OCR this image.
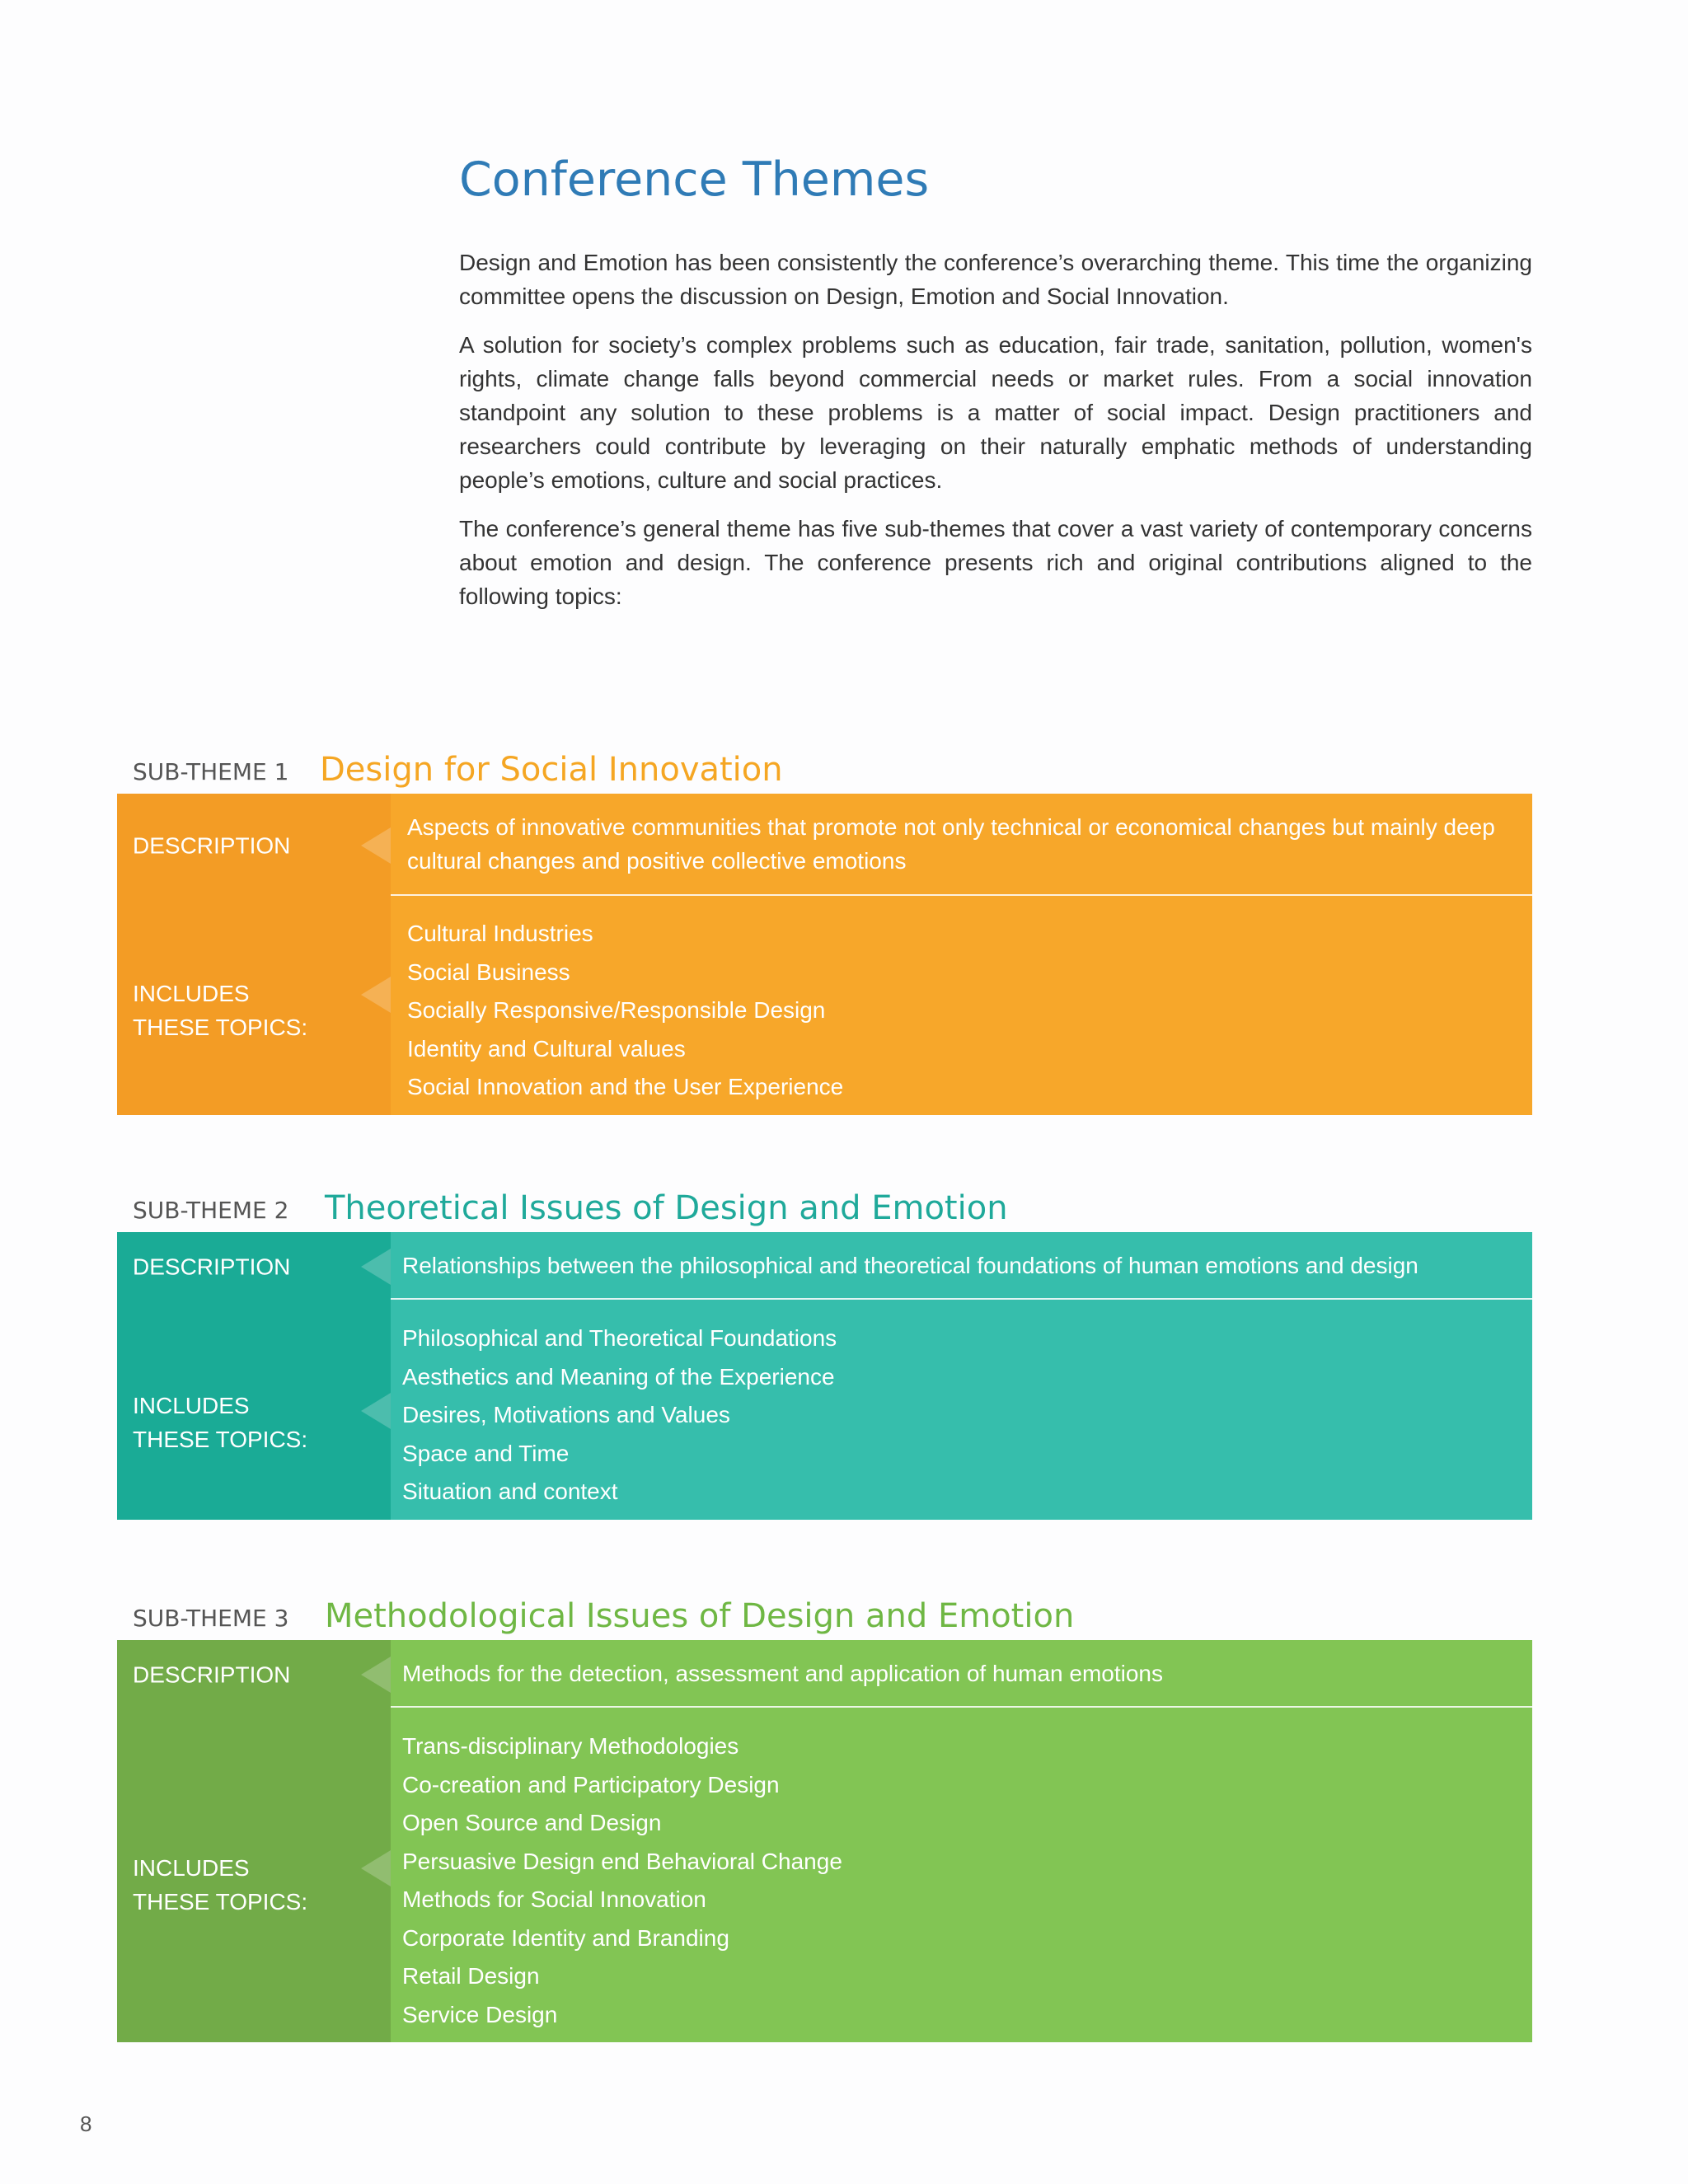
Conference Themes

Design and Emotion has been consistently the conference’s overarching theme. This time the organizing committee opens the discussion on Design, Emotion and Social Innovation.

A solution for society’s complex problems such as education, fair trade, sanitation, pollution, women's rights, climate change falls beyond commercial needs or market rules. From a social innovation standpoint any solution to these problems is a matter of social impact. Design practitioners and researchers could contribute by leveraging on their naturally emphatic methods of understanding people’s emotions, culture and social practices.

The conference’s general theme has five sub-themes that cover a vast variety of contemporary concerns about emotion and design. The conference presents rich and original contributions aligned to the following topics:

SUB-THEME 1 Design for Social Innovation
DESCRIPTION
Aspects of innovative communities that promote not only technical or economical changes but mainly deep cultural changes and positive collective emotions
INCLUDES
THESE TOPICS:
Cultural Industries
Social Business
Socially Responsive/Responsible Design
Identity and Cultural values
Social Innovation and the User Experience
SUB-THEME 2 Theoretical Issues of Design and Emotion
DESCRIPTION	Relationships between the philosophical and theoretical foundations of human emotions and design
INCLUDES
THESE TOPICS:
Philosophical and Theoretical Foundations
Aesthetics and Meaning of the Experience
Desires, Motivations and Values
Space and Time
Situation and context
SUB-THEME 3 Methodological Issues of Design and Emotion
DESCRIPTION	Methods for the detection, assessment and application of human emotions
INCLUDES
THESE TOPICS:
Trans-disciplinary Methodologies
Co-creation and Participatory Design
Open Source and Design
Persuasive Design end Behavioral Change
Methods for Social Innovation
Corporate Identity and Branding
Retail Design
Service Design
8
